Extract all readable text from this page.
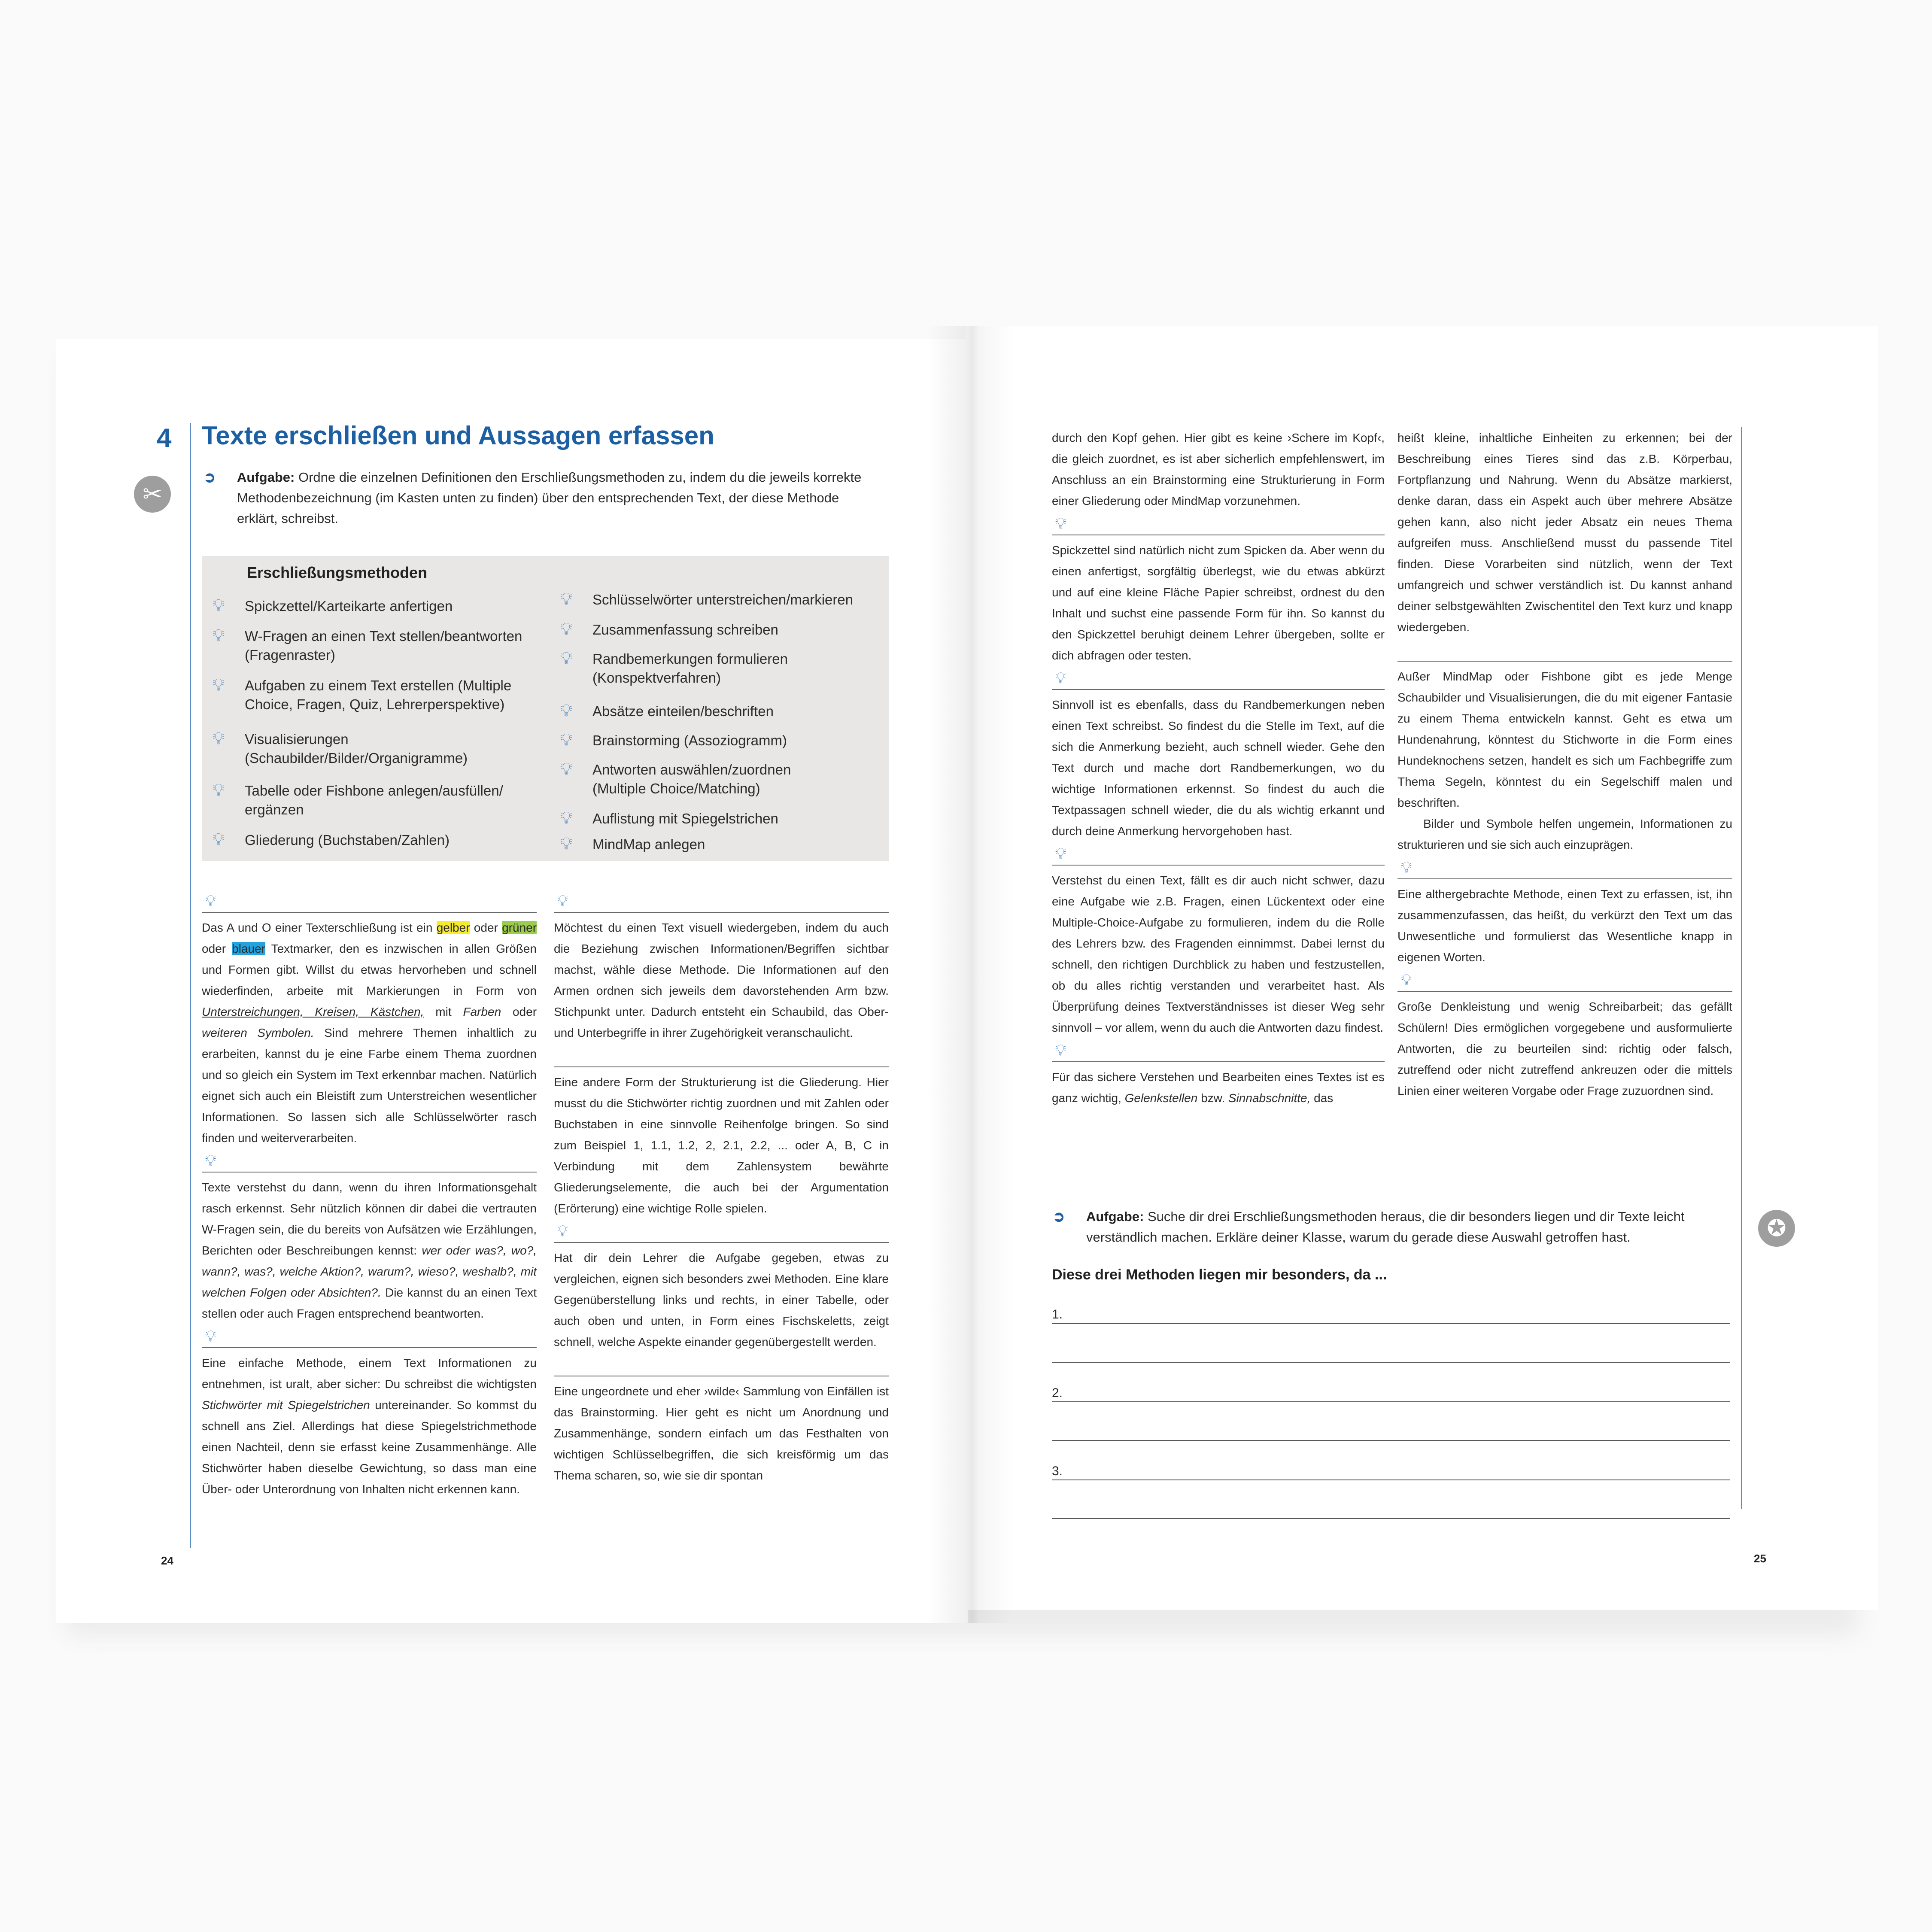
4 Texte erschließen und Aussagen erfassen
✂
➲ Aufgabe: Ordne die einzelnen Definitionen den Erschließungsmethoden zu, indem du die jeweils korrekte
Methodenbezeichnung (im Kasten unten zu finden) über den entsprechenden Text, der diese Methode
erklärt, schreibst.
Erschließungsmethoden
💡︎ Spickzettel/Karteikarte anfertigen
💡︎ W-Fragen an einen Text stellen/beantworten
(Fragenraster)
💡︎ Aufgaben zu einem Text erstellen (Multiple
Choice, Fragen, Quiz, Lehrerperspektive)
💡︎ Visualisierungen
(Schaubilder/Bilder/Organigramme)
💡︎ Tabelle oder Fishbone anlegen/ausfüllen/
ergänzen
💡︎ Gliederung (Buchstaben/Zahlen)
💡︎ Schlüsselwörter unterstreichen/markieren
💡︎ Zusammenfassung schreiben
💡︎ Randbemerkungen formulieren
(Konspektverfahren)
💡︎ Absätze einteilen/beschriften
💡︎ Brainstorming (Assoziogramm)
💡︎ Antworten auswählen/zuordnen
(Multiple Choice/Matching)
💡︎ Auflistung mit Spiegelstrichen
💡︎ MindMap anlegen
💡︎

Das A und O einer Texterschließung ist ein gelber oder grüner oder blauer Textmarker, den es inzwischen in allen Größen und Formen gibt. Willst du etwas hervorheben und schnell wiederfinden, arbeite mit Markierungen in Form von Unterstreichungen, Kreisen, Kästchen, mit Farben oder weiteren Symbolen. Sind mehrere Themen inhaltlich zu erarbeiten, kannst du je eine Farbe einem Thema zuordnen und so gleich ein System im Text erkennbar machen. Natürlich eignet sich auch ein Bleistift zum Unterstreichen wesentlicher Informationen. So lassen sich alle Schlüsselwörter rasch finden und weiterverarbeiten.

💡︎

Texte verstehst du dann, wenn du ihren Informationsgehalt rasch erkennst. Sehr nützlich können dir dabei die vertrauten W-Fragen sein, die du bereits von Aufsätzen wie Erzählungen, Berichten oder Beschreibungen kennst: wer oder was?, wo?, wann?, was?, welche Aktion?, warum?, wieso?, weshalb?, mit welchen Folgen oder Absichten?. Die kannst du an einen Text stellen oder auch Fragen entsprechend beantworten.

💡︎

Eine einfache Methode, einem Text Informationen zu entnehmen, ist uralt, aber sicher: Du schreibst die wichtigsten Stichwörter mit Spiegelstrichen untereinander. So kommst du schnell ans Ziel. Allerdings hat diese Spiegelstrichmethode einen Nachteil, denn sie erfasst keine Zusammenhänge. Alle Stichwörter haben dieselbe Gewichtung, so dass man eine Über- oder Unterordnung von Inhalten nicht erkennen kann.

💡︎

Möchtest du einen Text visuell wiedergeben, indem du auch die Beziehung zwischen Informationen/Begriffen sichtbar machst, wähle diese Methode. Die Informationen auf den Armen ordnen sich jeweils dem davorstehenden Arm bzw. Stichpunkt unter. Dadurch entsteht ein Schaubild, das Ober- und Unterbegriffe in ihrer Zugehörigkeit veranschaulicht.

Eine andere Form der Strukturierung ist die Gliederung. Hier musst du die Stichwörter richtig zuordnen und mit Zahlen oder Buchstaben in eine sinnvolle Reihenfolge bringen. So sind zum Beispiel 1, 1.1, 1.2, 2, 2.1, 2.2, ... oder A, B, C in Verbindung mit dem Zahlensystem bewährte Gliederungselemente, die auch bei der Argumentation (Erörterung) eine wichtige Rolle spielen.

💡︎

Hat dir dein Lehrer die Aufgabe gegeben, etwas zu vergleichen, eignen sich besonders zwei Methoden. Eine klare Gegenüberstellung links und rechts, in einer Tabelle, oder auch oben und unten, in Form eines Fischskeletts, zeigt schnell, welche Aspekte einander gegenübergestellt werden.

Eine ungeordnete und eher ›wilde‹ Sammlung von Einfällen ist das Brainstorming. Hier geht es nicht um Anordnung und Zusammenhänge, sondern einfach um das Festhalten von wichtigen Schlüsselbegriffen, die sich kreisförmig um das Thema scharen, so, wie sie dir spontan

durch den Kopf gehen. Hier gibt es keine ›Schere im Kopf‹, die gleich zuordnet, es ist aber sicherlich empfehlenswert, im Anschluss an ein Brainstorming eine Strukturierung in Form einer Gliederung oder MindMap vorzunehmen.

💡︎

Spickzettel sind natürlich nicht zum Spicken da. Aber wenn du einen anfertigst, sorgfältig überlegst, wie du etwas abkürzt und auf eine kleine Fläche Papier schreibst, ordnest du den Inhalt und suchst eine passende Form für ihn. So kannst du den Spickzettel beruhigt deinem Lehrer übergeben, sollte er dich abfragen oder testen.

💡︎

Sinnvoll ist es ebenfalls, dass du Randbemerkungen neben einen Text schreibst. So findest du die Stelle im Text, auf die sich die Anmerkung bezieht, auch schnell wieder. Gehe den Text durch und mache dort Randbemerkungen, wo du wichtige Informationen erkennst. So findest du auch die Textpassagen schnell wieder, die du als wichtig erkannt und durch deine Anmerkung hervorgehoben hast.

💡︎

Verstehst du einen Text, fällt es dir auch nicht schwer, dazu eine Aufgabe wie z.B. Fragen, einen Lückentext oder eine Multiple-Choice-Aufgabe zu formulieren, indem du die Rolle des Lehrers bzw. des Fragenden einnimmst. Dabei lernst du schnell, den richtigen Durchblick zu haben und festzustellen, ob du alles richtig verstanden und verarbeitet hast. Als Überprüfung deines Textverständnisses ist dieser Weg sehr sinnvoll – vor allem, wenn du auch die Antworten dazu findest.

💡︎

Für das sichere Verstehen und Bearbeiten eines Textes ist es ganz wichtig, Gelenkstellen bzw. Sinnabschnitte, das

heißt kleine, inhaltliche Einheiten zu erkennen; bei der Beschreibung eines Tieres sind das z.B. Körperbau, Fortpflanzung und Nahrung. Wenn du Absätze markierst, denke daran, dass ein Aspekt auch über mehrere Absätze gehen kann, also nicht jeder Absatz ein neues Thema aufgreifen muss. Anschließend musst du passende Titel finden. Diese Vorarbeiten sind nützlich, wenn der Text umfangreich und schwer verständlich ist. Du kannst anhand deiner selbstgewählten Zwischentitel den Text kurz und knapp wiedergeben.

Außer MindMap oder Fishbone gibt es jede Menge Schaubilder und Visualisierungen, die du mit eigener Fantasie zu einem Thema entwickeln kannst. Geht es etwa um Hundenahrung, könntest du Stichworte in die Form eines Hundeknochens setzen, handelt es sich um Fachbegriffe zum Thema Segeln, könntest du ein Segelschiff malen und beschriften.

Bilder und Symbole helfen ungemein, Informationen zu strukturieren und sie sich auch einzuprägen.

💡︎

Eine althergebrachte Methode, einen Text zu erfassen, ist, ihn zusammenzufassen, das heißt, du verkürzt den Text um das Unwesentliche und formulierst das Wesentliche knapp in eigenen Worten.

💡︎

Große Denkleistung und wenig Schreibarbeit; das gefällt Schülern! Dies ermöglichen vorgegebene und ausformulierte Antworten, die zu beurteilen sind: richtig oder falsch, zutreffend oder nicht zutreffend ankreuzen oder die mittels Linien einer weiteren Vorgabe oder Frage zuzuordnen sind.

➲ Aufgabe: Suche dir drei Erschließungsmethoden heraus, die dir besonders liegen und dir Texte leicht
verständlich machen. Erkläre deiner Klasse, warum du gerade diese Auswahl getroffen hast.	✪
Diese drei Methoden liegen mir besonders, da ...
1.
2.
3.
24	25
